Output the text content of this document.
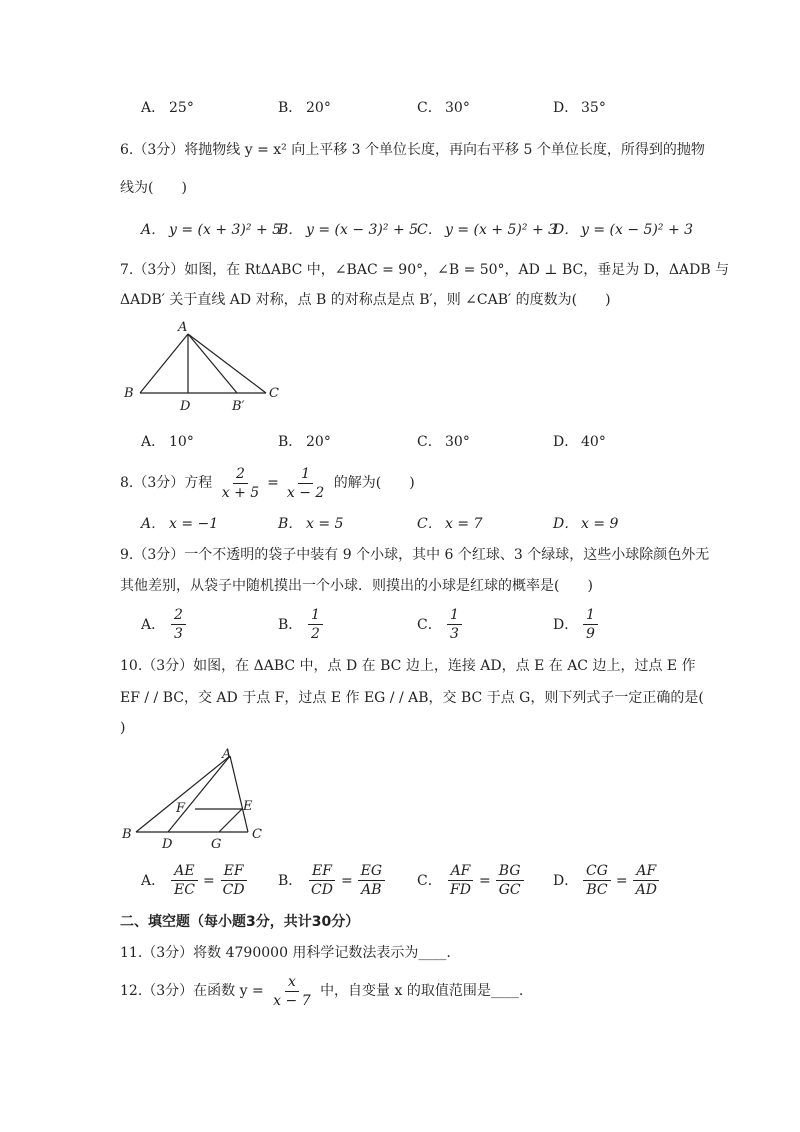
A． 25°	B． 20°	C． 30°	D． 35°
6.（3分）将抛物线 y = x² 向上平移 3 个单位长度，再向右平移 5 个单位长度，所得到的抛物
线为(　　)
A． y = (x + 3)² + 5
B． y = (x − 3)² + 5
C． y = (x + 5)² + 3
D． y = (x − 5)² + 3
7.（3分）如图，在 RtΔABC 中，∠BAC = 90°，∠B = 50°，AD ⊥ BC，垂足为 D，ΔADB 与
ΔADB′ 关于直线 AD 对称，点 B 的对称点是点 B′，则 ∠CAB′ 的度数为(　　)
A
B
D	B′
C
A． 10°	B． 20°	C． 30°	D． 40°
8.（3分）方程 $\frac{2}{x + 5} = \frac{1}{x - 2}$ 的解为(　　)
A． x = −1	B． x = 5	C． x = 7	D． x = 9
9.（3分）一个不透明的袋子中装有 9 个小球，其中 6 个红球、3 个绿球，这些小球除颜色外无
其他差别，从袋子中随机摸出一个小球．则摸出的小球是红球的概率是(　　)
A． $\frac{2}{3}$	B． $\frac{1}{2}$	C． $\frac{1}{3}$	D． $\frac{1}{9}$
10.（3分）如图，在 ΔABC 中，点 D 在 BC 边上，连接 AD，点 E 在 AC 边上，过点 E 作
EF / / BC，交 AD 于点 F，过点 E 作 EG / / AB，交 BC 于点 G，则下列式子一定正确的是(
)
A
F	E
B
D	G
C
A． $\frac{AE}{EC} = \frac{EF}{CD}$ B． $\frac{EF}{CD} = \frac{EG}{AB}$ C． $\frac{AF}{FD} = \frac{BG}{GC}$ D． $\frac{CG}{BC} = \frac{AF}{AD}$
二、填空题（每小题3分，共计30分）
11.（3分）将数 4790000 用科学记数法表示为____.
12.（3分）在函数 $y = \frac{x}{x - 7}$ 中，自变量 x 的取值范围是____.
